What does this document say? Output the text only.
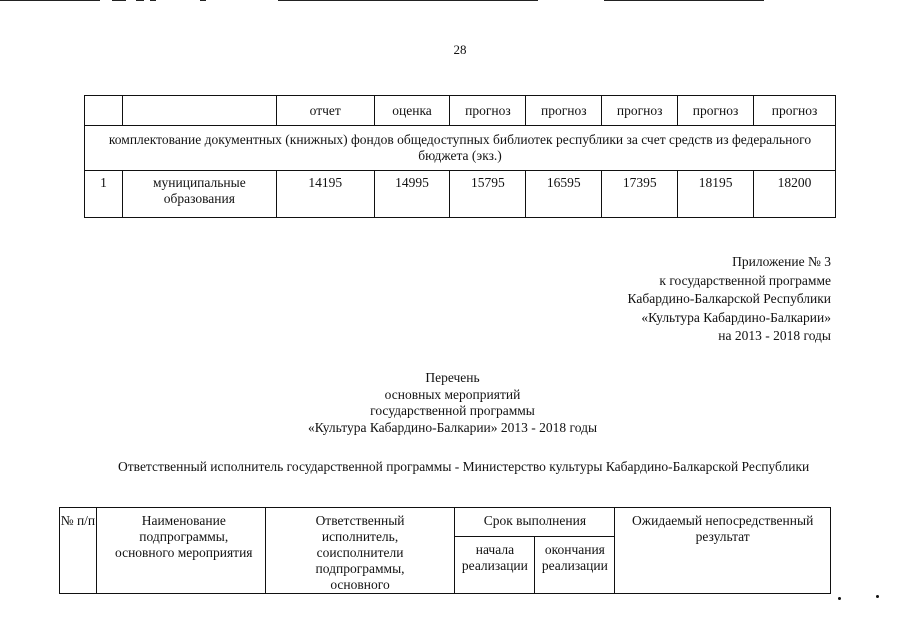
28
		отчет	оценка	прогноз	прогноз	прогноз	прогноз	прогноз
комплектование документных (книжных) фондов общедоступных библиотек республики за счет средств из федерального бюджета (экз.)								
1	муниципальные образования	14195	14995	15795	16595	17395	18195	18200
Приложение № 3
к государственной программе
Кабардино-Балкарской Республики
«Культура Кабардино-Балкарии»
на 2013 - 2018 годы
Перечень
основных мероприятий
государственной программы
«Культура Кабардино-Балкарии» 2013 - 2018 годы
Ответственный исполнитель государственной программы - Министерство культуры Кабардино-Балкарской Республики
№ п/п	Наименование подпрограммы, основного мероприятия	Ответственный исполнитель, соисполнители подпрограммы, основного	Срок выполнения		Ожидаемый непосредственный результат
			начала реализации	окончания реализации	
